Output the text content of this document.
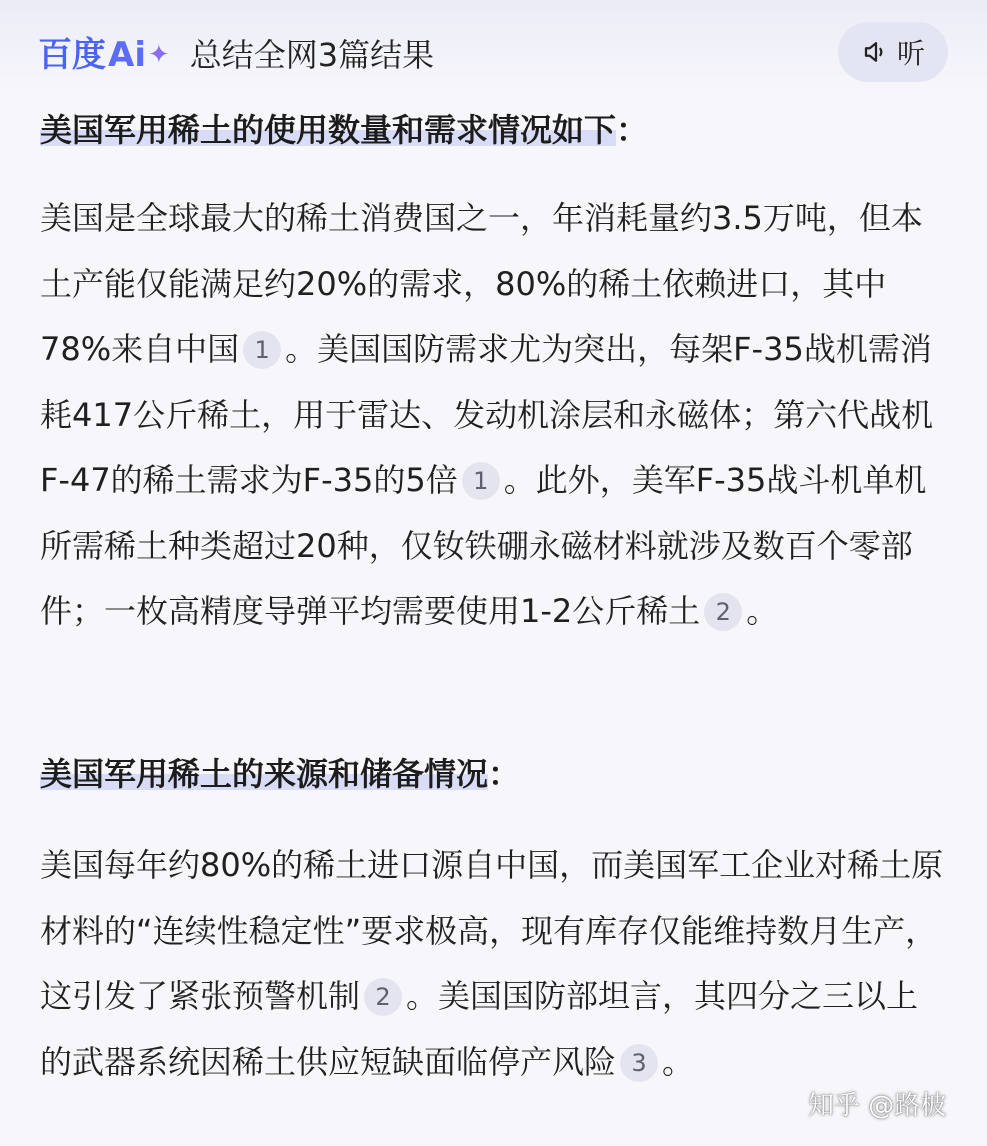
百度 Ai ✦ 总结全网3篇结果	听
美国军用稀土的使用数量和需求情况如下：
美国是全球最大的稀土消费国之一，年消耗量约3.5万吨，但本土产能仅能满足约20%的需求，80%的稀土依赖进口，其中78%来自中国 1 。美国国防需求尤为突出，每架F-35战机需消耗417公斤稀土，用于雷达、发动机涂层和永磁体；第六代战机F-47的稀土需求为F-35的5倍 1 。此外，美军F-35战斗机单机所需稀土种类超过20种，仅钕铁硼永磁材料就涉及数百个零部件；一枚高精度导弹平均需要使用1-2公斤稀土 2 。
美国军用稀土的来源和储备情况：
美国每年约80%的稀土进口源自中国，而美国军工企业对稀土原材料的“连续性稳定性”要求极高，现有库存仅能维持数月生产，这引发了紧张预警机制 2 。美国国防部坦言，其四分之三以上的武器系统因稀土供应短缺面临停产风险 3 。
知乎 @路柀
